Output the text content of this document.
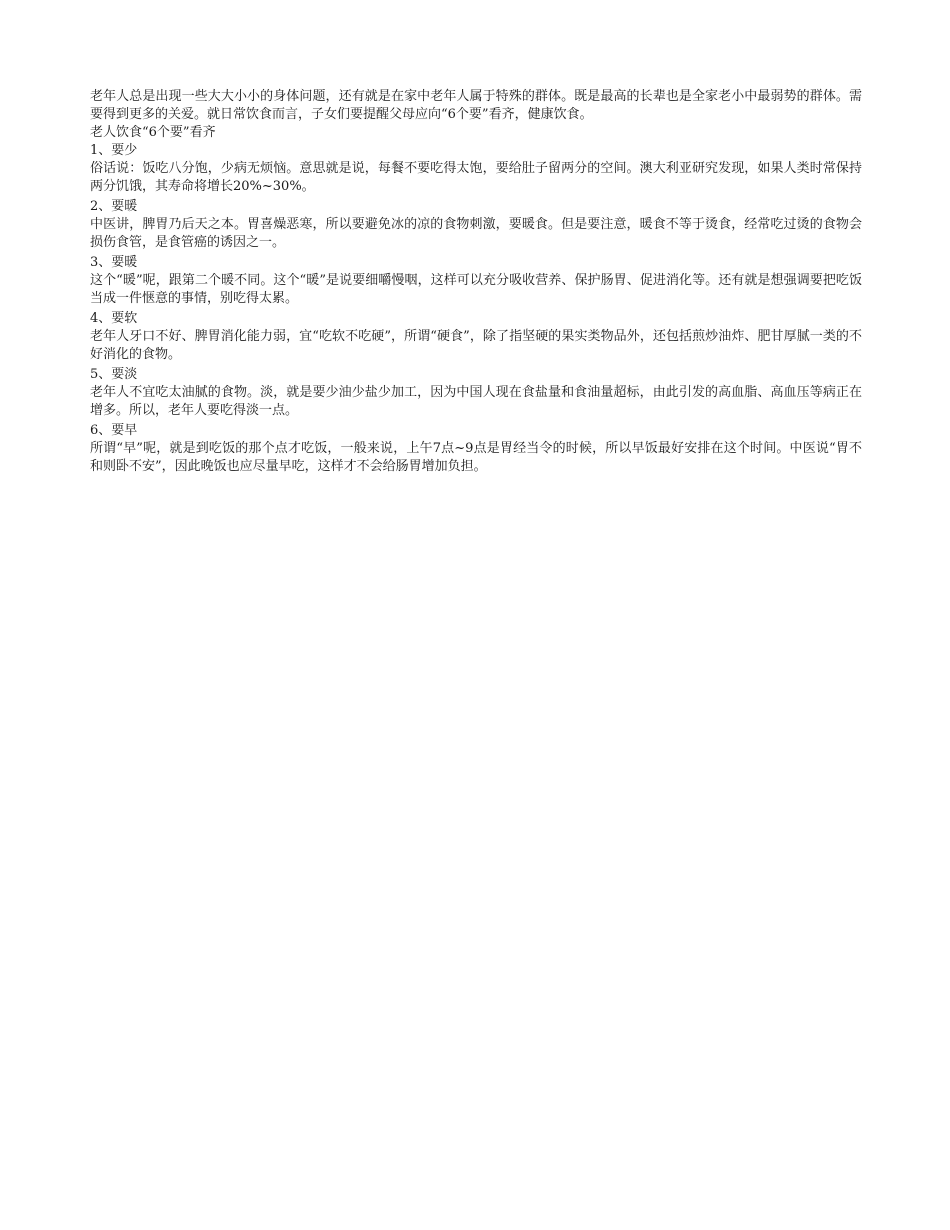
老年人总是出现一些大大小小的身体问题，还有就是在家中老年人属于特殊的群体。既是最高的长辈也是全家老小中最弱势的群体。需要得到更多的关爱。就日常饮食而言，子女们要提醒父母应向“6个要”看齐，健康饮食。

老人饮食“6个要”看齐

1、要少

俗话说：饭吃八分饱，少病无烦恼。意思就是说，每餐不要吃得太饱，要给肚子留两分的空间。澳大利亚研究发现，如果人类时常保持两分饥饿，其寿命将增长20%~30%。

2、要暖

中医讲，脾胃乃后天之本。胃喜燥恶寒，所以要避免冰的凉的食物刺激，要暖食。但是要注意，暖食不等于烫食，经常吃过烫的食物会损伤食管，是食管癌的诱因之一。

3、要暖

这个“暖”呢，跟第二个暖不同。这个“暖”是说要细嚼慢咽，这样可以充分吸收营养、保护肠胃、促进消化等。还有就是想强调要把吃饭当成一件惬意的事情，别吃得太累。

4、要软

老年人牙口不好、脾胃消化能力弱，宜“吃软不吃硬”，所谓“硬食”，除了指坚硬的果实类物品外，还包括煎炒油炸、肥甘厚腻一类的不好消化的食物。

5、要淡

老年人不宜吃太油腻的食物。淡，就是要少油少盐少加工，因为中国人现在食盐量和食油量超标，由此引发的高血脂、高血压等病正在增多。所以，老年人要吃得淡一点。

6、要早

所谓“早”呢，就是到吃饭的那个点才吃饭，一般来说，上午7点~9点是胃经当令的时候，所以早饭最好安排在这个时间。中医说“胃不和则卧不安”，因此晚饭也应尽量早吃，这样才不会给肠胃增加负担。
